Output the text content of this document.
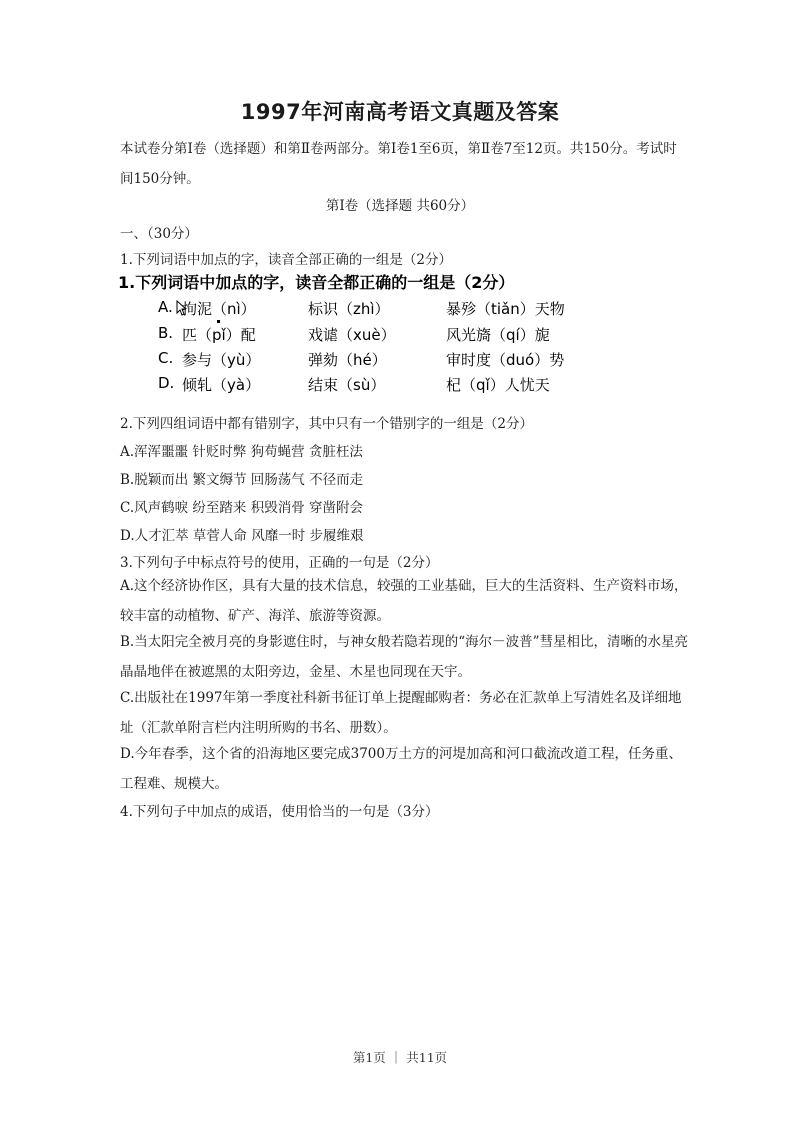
1997年河南高考语文真题及答案
本试卷分第Ⅰ卷（选择题）和第Ⅱ卷两部分。第Ⅰ卷1至6页，第Ⅱ卷7至12页。共150分。考试时间150分钟。
第Ⅰ卷（选择题 共60分）
一、（30分）
1.下列词语中加点的字，读音全部正确的一组是（2分）
1.下列词语中加点的字，读音全都正确的一组是（2分）
A. 拘泥（nì）	标识（zhì）	暴殄（tiǎn）天物
B. 匹（pǐ）配	戏谑（xuè）	风光旖（qí）旎
C. 参与（yù）	弹劾（hé）	审时度（duó）势
D. 倾轧（yà）	结束（sù）	杞（qǐ）人忧天
2.下列四组词语中都有错别字，其中只有一个错别字的一组是（2分）
A.浑浑噩噩 针贬时弊 狗苟蝇营 贪脏枉法
B.脱颖而出 繁文缛节 回肠荡气 不径而走
C.风声鹤唳 纷至踏来 积毁消骨 穿凿附会
D.人才汇萃 草菅人命 风靡一时 步履维艰
3.下列句子中标点符号的使用，正确的一句是（2分）
A.这个经济协作区，具有大量的技术信息，较强的工业基础，巨大的生活资料、生产资料市场，较丰富的动植物、矿产、海洋、旅游等资源。
B.当太阳完全被月亮的身影遮住时，与神女般若隐若现的“海尔－波普”彗星相比，清晰的水星亮晶晶地伴在被遮黑的太阳旁边，金星、木星也同现在天宇。
C.出版社在1997年第一季度社科新书征订单上提醒邮购者：务必在汇款单上写清姓名及详细地址（汇款单附言栏内注明所购的书名、册数）。
D.今年春季，这个省的沿海地区要完成3700万土方的河堤加高和河口截流改道工程，任务重、工程难、规模大。
4.下列句子中加点的成语，使用恰当的一句是（3分）
第1页 ｜ 共11页
